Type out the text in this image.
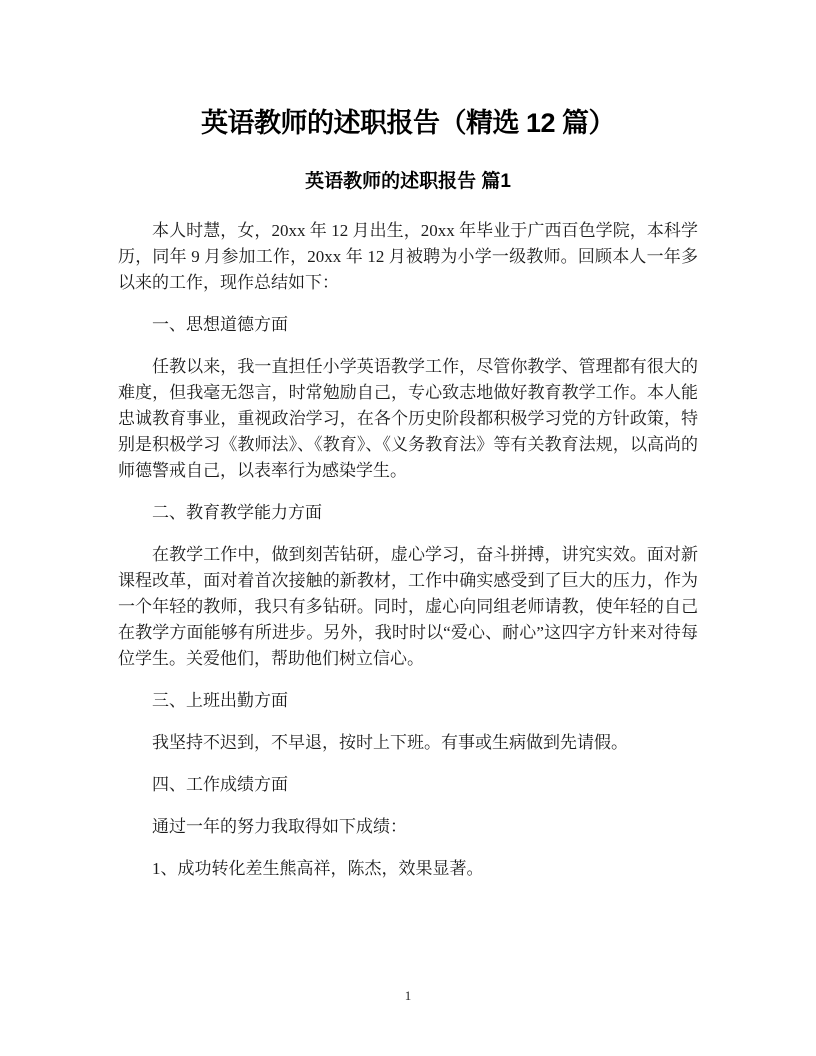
英语教师的述职报告（精选 12 篇）
英语教师的述职报告 篇1

本人时慧，女，20xx 年 12 月出生，20xx 年毕业于广西百色学院，本科学历，同年 9 月参加工作，20xx 年 12 月被聘为小学一级教师。回顾本人一年多以来的工作，现作总结如下：

一、思想道德方面

任教以来，我一直担任小学英语教学工作，尽管你教学、管理都有很大的难度，但我毫无怨言，时常勉励自己，专心致志地做好教育教学工作。本人能忠诚教育事业，重视政治学习，在各个历史阶段都积极学习党的方针政策，特别是积极学习《教师法》、《教育》、《义务教育法》等有关教育法规，以高尚的师德警戒自己，以表率行为感染学生。

二、教育教学能力方面

在教学工作中，做到刻苦钻研，虚心学习，奋斗拼搏，讲究实效。面对新课程改革，面对着首次接触的新教材，工作中确实感受到了巨大的压力，作为一个年轻的教师，我只有多钻研。同时，虚心向同组老师请教，使年轻的自己在教学方面能够有所进步。另外，我时时以“爱心、耐心”这四字方针来对待每位学生。关爱他们，帮助他们树立信心。

三、上班出勤方面

我坚持不迟到，不早退，按时上下班。有事或生病做到先请假。

四、工作成绩方面

通过一年的努力我取得如下成绩：

1、成功转化差生熊高祥，陈杰，效果显著。

1
